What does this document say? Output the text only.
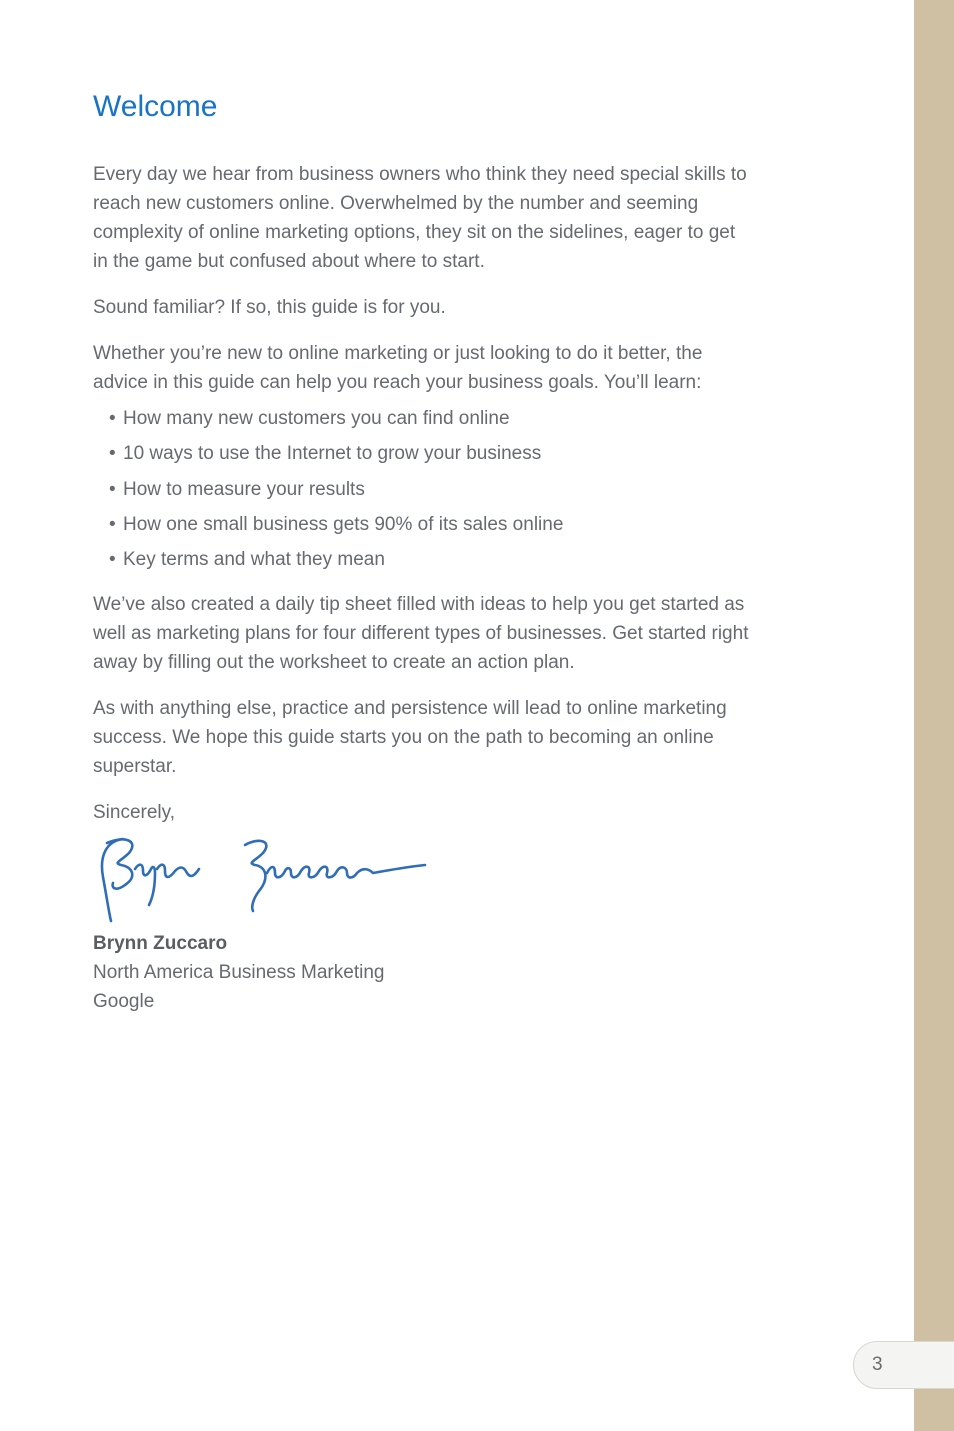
3
Welcome

Every day we hear from business owners who think they need special skills to reach new customers online. Overwhelmed by the number and seeming complexity of online marketing options, they sit on the sidelines, eager to get in the game but confused about where to start.

Sound familiar? If so, this guide is for you.

Whether you’re new to online marketing or just looking to do it better, the advice in this guide can help you reach your business goals. You’ll learn:

• How many new customers you can find online
• 10 ways to use the Internet to grow your business
• How to measure your results
• How one small business gets 90% of its sales online
• Key terms and what they mean

We’ve also created a daily tip sheet filled with ideas to help you get started as well as marketing plans for four different types of businesses. Get started right away by filling out the worksheet to create an action plan.

As with anything else, practice and persistence will lead to online marketing success. We hope this guide starts you on the path to becoming an online superstar.

Sincerely,

Brynn Zuccaro
North America Business Marketing
Google
